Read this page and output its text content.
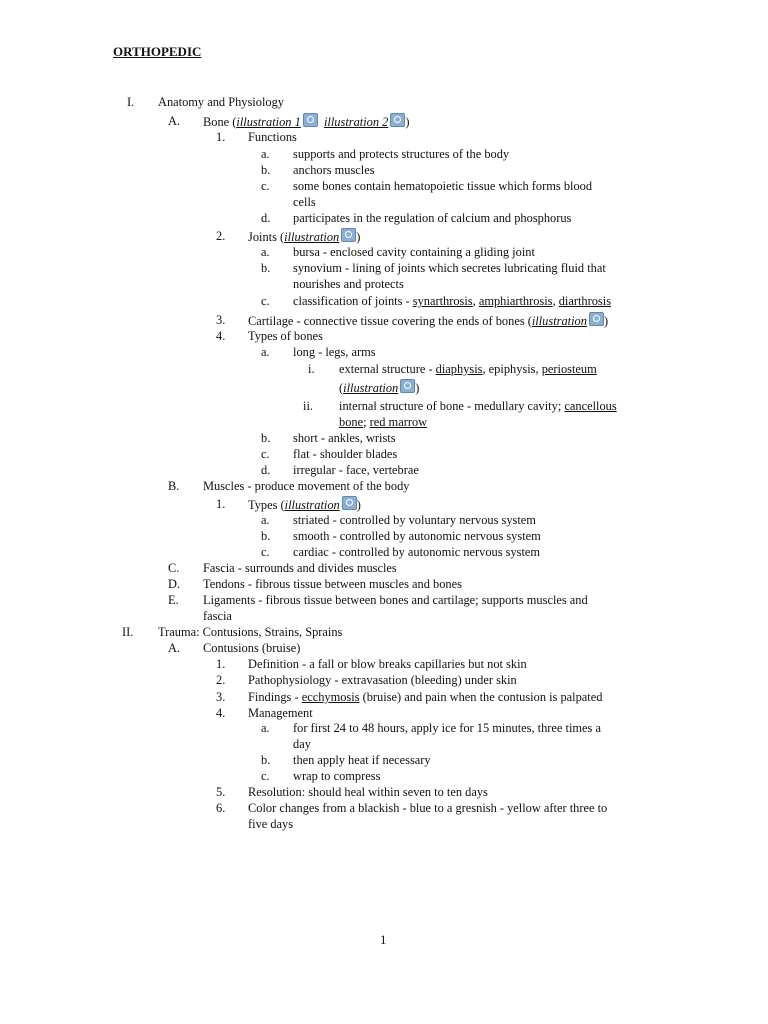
ORTHOPEDIC
I. Anatomy and Physiology
A. Bone (illustration 1 illustration 2 )
1. Functions
a. supports and protects structures of the body
b. anchors muscles
c. some bones contain hematopoietic tissue which forms blood
cells
d. participates in the regulation of calcium and phosphorus
2. Joints (illustration )
a. bursa - enclosed cavity containing a gliding joint
b. synovium - lining of joints which secretes lubricating fluid that
nourishes and protects
c. classification of joints - synarthrosis, amphiarthrosis, diarthrosis
3. Cartilage - connective tissue covering the ends of bones (illustration )
4. Types of bones
a. long - legs, arms
i. external structure - diaphysis, epiphysis, periosteum
(illustration )
ii. internal structure of bone - medullary cavity; cancellous
bone; red marrow
b. short - ankles, wrists
c. flat - shoulder blades
d. irregular - face, vertebrae
B. Muscles - produce movement of the body
1. Types (illustration )
a. striated - controlled by voluntary nervous system
b. smooth - controlled by autonomic nervous system
c. cardiac - controlled by autonomic nervous system
C. Fascia - surrounds and divides muscles
D. Tendons - fibrous tissue between muscles and bones
E. Ligaments - fibrous tissue between bones and cartilage; supports muscles and
fascia
II. Trauma: Contusions, Strains, Sprains
A. Contusions (bruise)
1. Definition - a fall or blow breaks capillaries but not skin
2. Pathophysiology - extravasation (bleeding) under skin
3. Findings - ecchymosis (bruise) and pain when the contusion is palpated
4. Management
a. for first 24 to 48 hours, apply ice for 15 minutes, three times a
day
b. then apply heat if necessary
c. wrap to compress
5. Resolution: should heal within seven to ten days
6. Color changes from a blackish - blue to a gresnish - yellow after three to
five days
1
